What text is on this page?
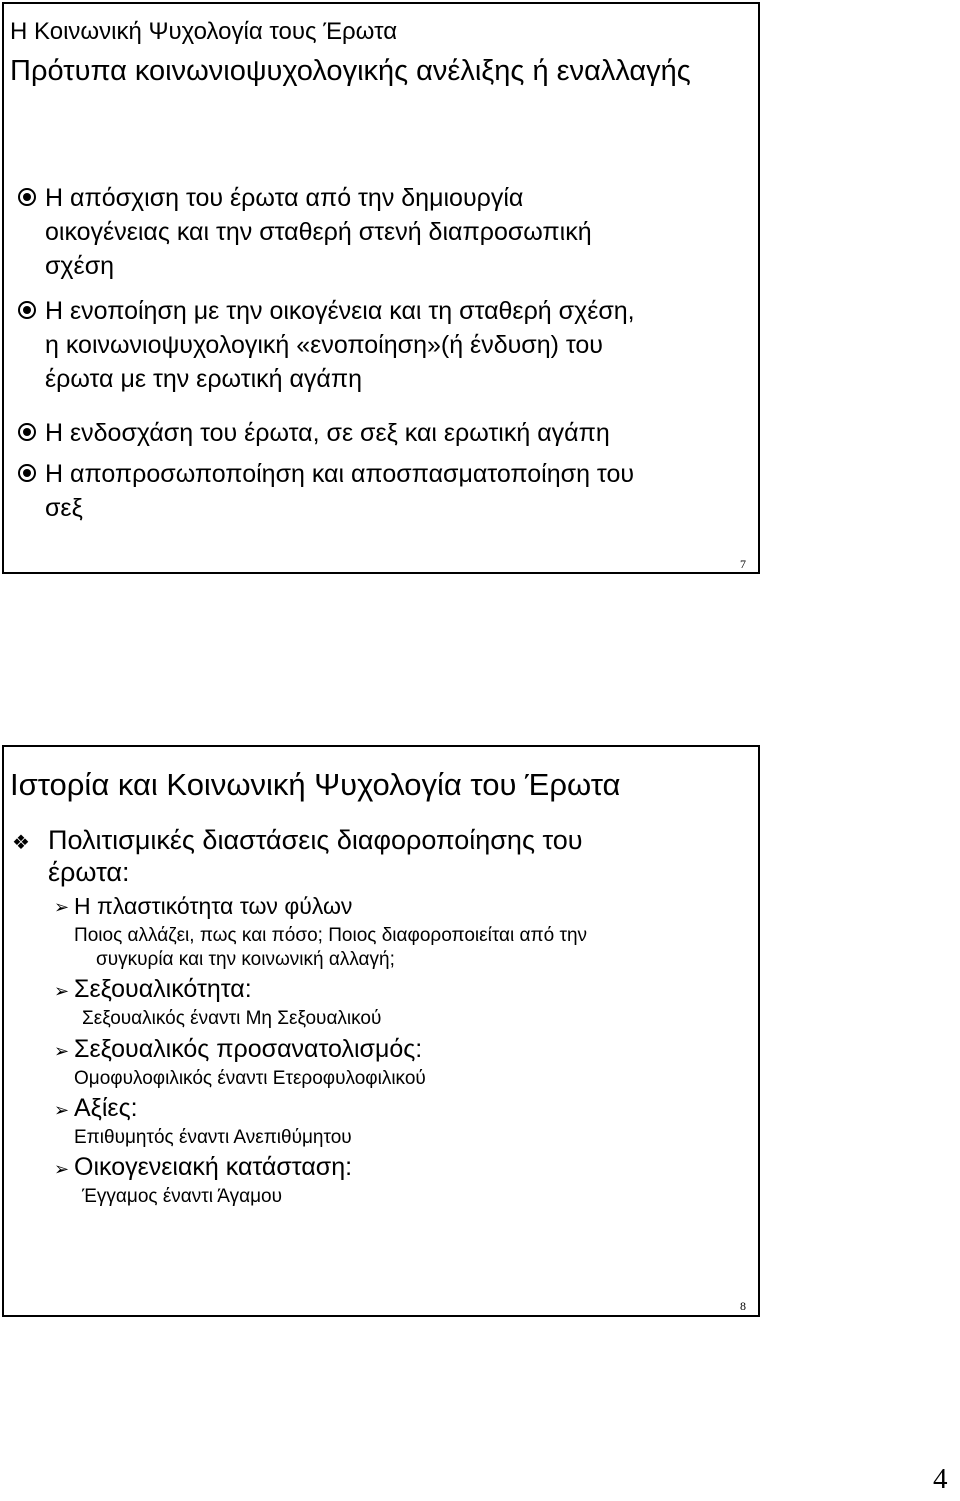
Η Κοινωνική Ψυχολογία τους Έρωτα
Πρότυπα κοινωνιοψυχολογικής ανέλιξης ή εναλλαγής
Η απόσχιση του έρωτα από την δημιουργία
οικογένειας και την σταθερή στενή διαπροσωπική
σχέση
Η ενοποίηση με την οικογένεια και τη σταθερή σχέση,
η κοινωνιοψυχολογική «ενοποίηση»(ή ένδυση) του
έρωτα με την ερωτική αγάπη
Η ενδοσχάση του έρωτα, σε σεξ και ερωτική αγάπη
Η αποπροσωποποίηση και αποσπασματοποίηση του
σεξ
7
Ιστορία και Κοινωνική Ψυχολογία του Έρωτα
❖ Πολιτισμικές διαστάσεις διαφοροποίησης του
έρωτα:
➢ Η πλαστικότητα των φύλων
Ποιος αλλάζει, πως και πόσο; Ποιος διαφοροποιείται από την
συγκυρία και την κοινωνική αλλαγή;
➢ Σεξουαλικότητα:
Σεξουαλικός έναντι Μη Σεξουαλικού
➢ Σεξουαλικός προσανατολισμός:
Ομοφυλοφιλικός έναντι Ετεροφυλοφιλικού
➢ Αξίες:
Επιθυμητός έναντι Ανεπιθύμητου
➢ Οικογενειακή κατάσταση:
Έγγαμος έναντι Άγαμου
8
4
